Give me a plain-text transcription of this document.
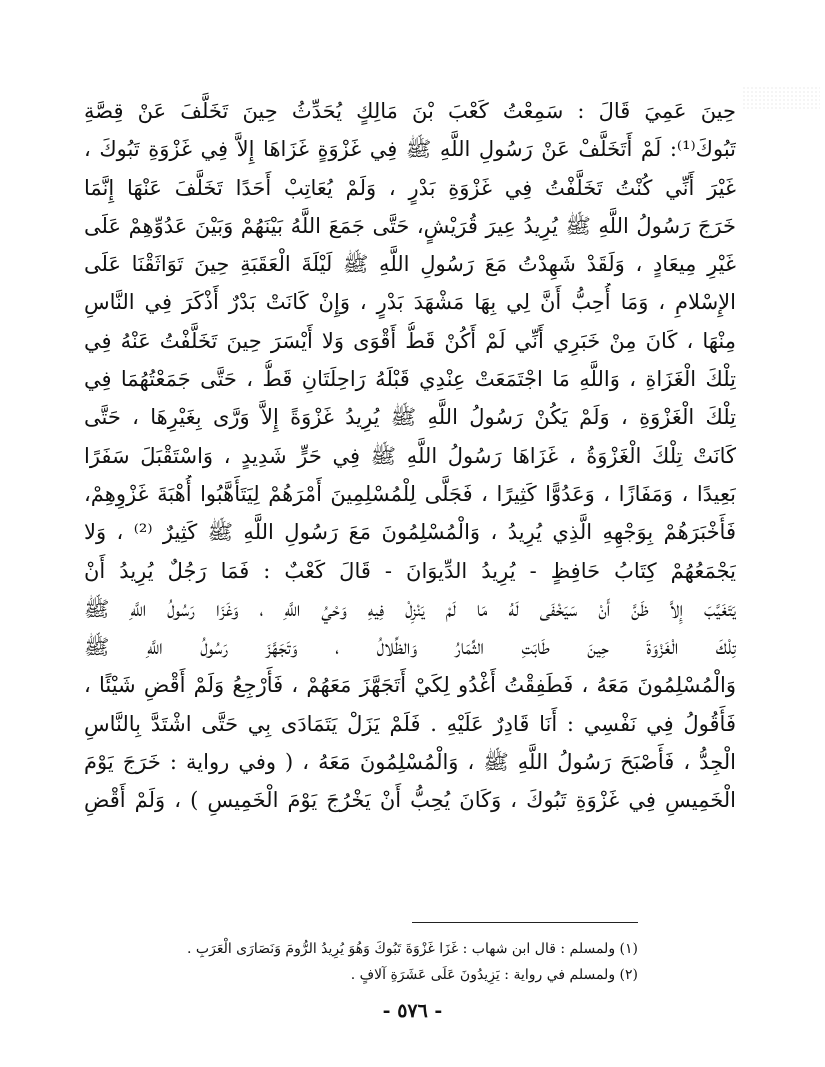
حِينَ عَمِيَ قَالَ : سَمِعْتُ كَعْبَ بْنَ مَالِكٍ يُحَدِّثُ حِينَ تَخَلَّفَ عَنْ قِصَّةِ
تَبُوكَ⁽¹⁾: لَمْ أَتَخَلَّفْ عَنْ رَسُولِ اللَّهِ ﷺ فِي غَزْوَةٍ غَزَاهَا إِلاَّ فِي غَزْوَةِ تَبُوكَ ،
غَيْرَ أَنِّي كُنْتُ تَخَلَّفْتُ فِي غَزْوَةِ بَدْرٍ ، وَلَمْ يُعَاتِبْ أَحَدًا تَخَلَّفَ عَنْهَا إِنَّمَا
خَرَجَ رَسُولُ اللَّهِ ﷺ يُرِيدُ عِيرَ قُرَيْشٍ، حَتَّى جَمَعَ اللَّهُ بَيْنَهُمْ وَبَيْنَ عَدُوِّهِمْ عَلَى
غَيْرِ مِيعَادٍ ، وَلَقَدْ شَهِدْتُ مَعَ رَسُولِ اللَّهِ ﷺ لَيْلَةَ الْعَقَبَةِ حِينَ تَوَاثَقْنَا عَلَى
الإِسْلامِ ، وَمَا أُحِبُّ أَنَّ لِي بِهَا مَشْهَدَ بَدْرٍ ، وَإِنْ كَانَتْ بَدْرٌ أَذْكَرَ فِي النَّاسِ
مِنْهَا ، كَانَ مِنْ خَبَرِي أَنِّي لَمْ أَكُنْ قَطُّ أَقْوَى وَلا أَيْسَرَ حِينَ تَخَلَّفْتُ عَنْهُ فِي
تِلْكَ الْغَزَاةِ ، وَاللَّهِ مَا اجْتَمَعَتْ عِنْدِي قَبْلَهُ رَاحِلَتَانِ قَطُّ ، حَتَّى جَمَعْتُهُمَا فِي
تِلْكَ الْغَزْوَةِ ، وَلَمْ يَكُنْ رَسُولُ اللَّهِ ﷺ يُرِيدُ غَزْوَةً إِلاَّ وَرَّى بِغَيْرِهَا ، حَتَّى
كَانَتْ تِلْكَ الْغَزْوَةُ ، غَزَاهَا رَسُولُ اللَّهِ ﷺ فِي حَرٍّ شَدِيدٍ ، وَاسْتَقْبَلَ سَفَرًا
بَعِيدًا ، وَمَفَازًا ، وَعَدُوًّا كَثِيرًا ، فَجَلَّى لِلْمُسْلِمِينَ أَمْرَهُمْ لِيَتَأَهَّبُوا أُهْبَةَ غَزْوِهِمْ،
فَأَخْبَرَهُمْ بِوَجْهِهِ الَّذِي يُرِيدُ ، وَالْمُسْلِمُونَ مَعَ رَسُولِ اللَّهِ ﷺ كَثِيرٌ ⁽²⁾ ، وَلا
يَجْمَعُهُمْ كِتَابُ حَافِظٍ - يُرِيدُ الدِّيوَانَ - قَالَ كَعْبٌ : فَمَا رَجُلٌ يُرِيدُ أَنْ
يَتَغَيَّبَ إِلاَّ ظَنَّ أَنْ سَيَخْفَى لَهُ مَا لَمْ يَنْزِلْ فِيهِ وَحْيُ اللَّهِ ، وَغَزَا رَسُولُ اللَّهِ ﷺ
تِلْكَ الْغَزْوَةَ حِينَ طَابَتِ الثِّمَارُ وَالظِّلالُ ، وَتَجَهَّزَ رَسُولُ اللَّهِ ﷺ
وَالْمُسْلِمُونَ مَعَهُ ، فَطَفِقْتُ أَغْدُو لِكَيْ أَتَجَهَّزَ مَعَهُمْ ، فَأَرْجِعُ وَلَمْ أَقْضِ شَيْئًا ،
فَأَقُولُ فِي نَفْسِي : أَنَا قَادِرٌ عَلَيْهِ . فَلَمْ يَزَلْ يَتَمَادَى بِي حَتَّى اشْتَدَّ بِالنَّاسِ
الْجِدُّ ، فَأَصْبَحَ رَسُولُ اللَّهِ ﷺ ، وَالْمُسْلِمُونَ مَعَهُ ، ( وفي رواية : خَرَجَ يَوْمَ
الْخَمِيسِ فِي غَزْوَةِ تَبُوكَ ، وَكَانَ يُحِبُّ أَنْ يَخْرُجَ يَوْمَ الْخَمِيسِ ) ، وَلَمْ أَقْضِ
(١) ولمسلم : قال ابن شهاب : غَزَا غَزْوَةَ تَبُوكَ وَهُوَ يُرِيدُ الرُّومَ وَنَصَارَى الْعَرَبِ .
(٢) ولمسلم في رواية : يَزِيدُونَ عَلَى عَشَرَةِ آلافٍ .
- ٥٧٦ -
